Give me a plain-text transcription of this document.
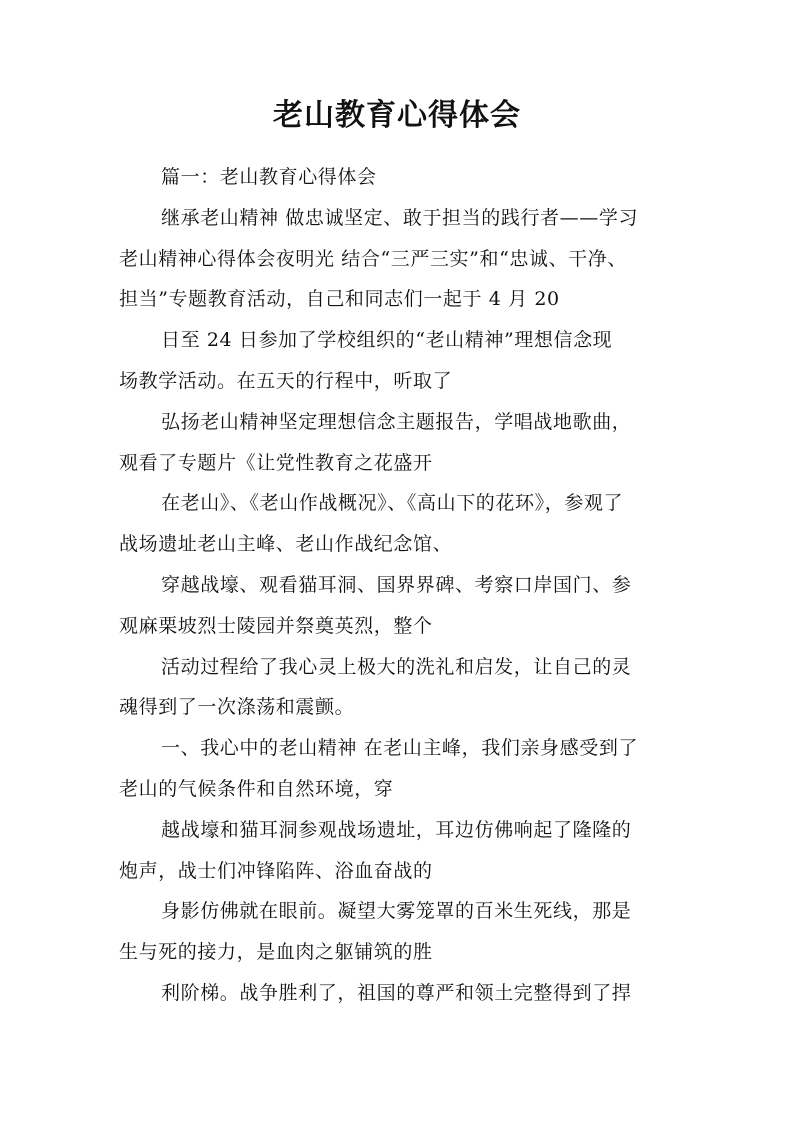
老山教育心得体会
篇一：老山教育心得体会
继承老山精神 做忠诚坚定、敢于担当的践行者——学习
老山精神心得体会夜明光 结合“三严三实”和“忠诚、干净、
担当”专题教育活动，自己和同志们一起于 4 月 20
日至 24 日参加了学校组织的“老山精神”理想信念现
场教学活动。在五天的行程中，听取了
弘扬老山精神坚定理想信念主题报告，学唱战地歌曲，
观看了专题片《让党性教育之花盛开
在老山》、《老山作战概况》、《高山下的花环》，参观了
战场遗址老山主峰、老山作战纪念馆、
穿越战壕、观看猫耳洞、国界界碑、考察口岸国门、参
观麻栗坡烈士陵园并祭奠英烈，整个
活动过程给了我心灵上极大的洗礼和启发，让自己的灵
魂得到了一次涤荡和震颤。
一、我心中的老山精神 在老山主峰，我们亲身感受到了
老山的气候条件和自然环境，穿
越战壕和猫耳洞参观战场遗址，耳边仿佛响起了隆隆的
炮声，战士们冲锋陷阵、浴血奋战的
身影仿佛就在眼前。凝望大雾笼罩的百米生死线，那是
生与死的接力，是血肉之躯铺筑的胜
利阶梯。战争胜利了，祖国的尊严和领土完整得到了捍
